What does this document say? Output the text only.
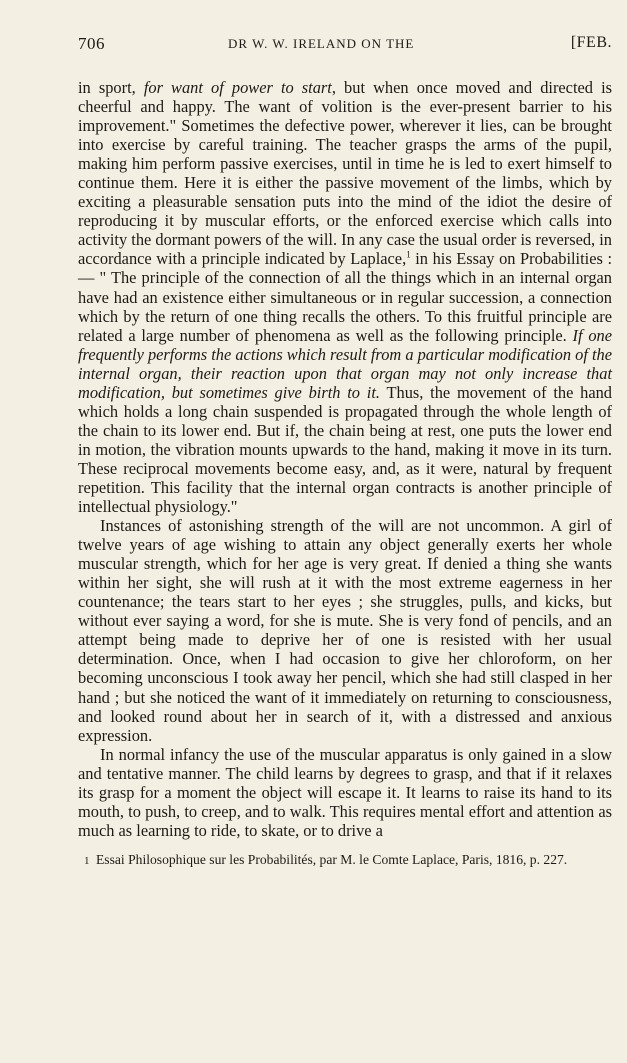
706	DR W. W. IRELAND ON THE	[FEB.

in sport, for want of power to start, but when once moved and directed is cheerful and happy. The want of volition is the ever-present barrier to his improvement." Sometimes the defective power, wherever it lies, can be brought into exercise by careful training. The teacher grasps the arms of the pupil, making him perform passive exercises, until in time he is led to exert himself to continue them. Here it is either the passive movement of the limbs, which by exciting a pleasurable sensation puts into the mind of the idiot the desire of reproducing it by muscular efforts, or the enforced exercise which calls into activity the dormant powers of the will. In any case the usual order is reversed, in accordance with a principle indicated by Laplace,$^1$ in his Essay on Probabilities :— " The principle of the connection of all the things which in an internal organ have had an existence either simultaneous or in regular succession, a connection which by the return of one thing recalls the others. To this fruitful principle are related a large number of phenomena as well as the following principle. If one frequently performs the actions which result from a particular modification of the internal organ, their reaction upon that organ may not only increase that modification, but sometimes give birth to it. Thus, the movement of the hand which holds a long chain suspended is propagated through the whole length of the chain to its lower end. But if, the chain being at rest, one puts the lower end in motion, the vibration mounts upwards to the hand, making it move in its turn. These reciprocal movements become easy, and, as it were, natural by frequent repetition. This facility that the internal organ contracts is another principle of intellectual physiology."

Instances of astonishing strength of the will are not uncommon. A girl of twelve years of age wishing to attain any object generally exerts her whole muscular strength, which for her age is very great. If denied a thing she wants within her sight, she will rush at it with the most extreme eagerness in her countenance; the tears start to her eyes ; she struggles, pulls, and kicks, but without ever saying a word, for she is mute. She is very fond of pencils, and an attempt being made to deprive her of one is resisted with her usual determination. Once, when I had occasion to give her chloroform, on her becoming unconscious I took away her pencil, which she had still clasped in her hand ; but she noticed the want of it immediately on returning to consciousness, and looked round about her in search of it, with a distressed and anxious expression.

In normal infancy the use of the muscular apparatus is only gained in a slow and tentative manner. The child learns by degrees to grasp, and that if it relaxes its grasp for a moment the object will escape it. It learns to raise its hand to its mouth, to push, to creep, and to walk. This requires mental effort and attention as much as learning to ride, to skate, or to drive a

1 Essai Philosophique sur les Probabilités, par M. le Comte Laplace, Paris, 1816, p. 227.
